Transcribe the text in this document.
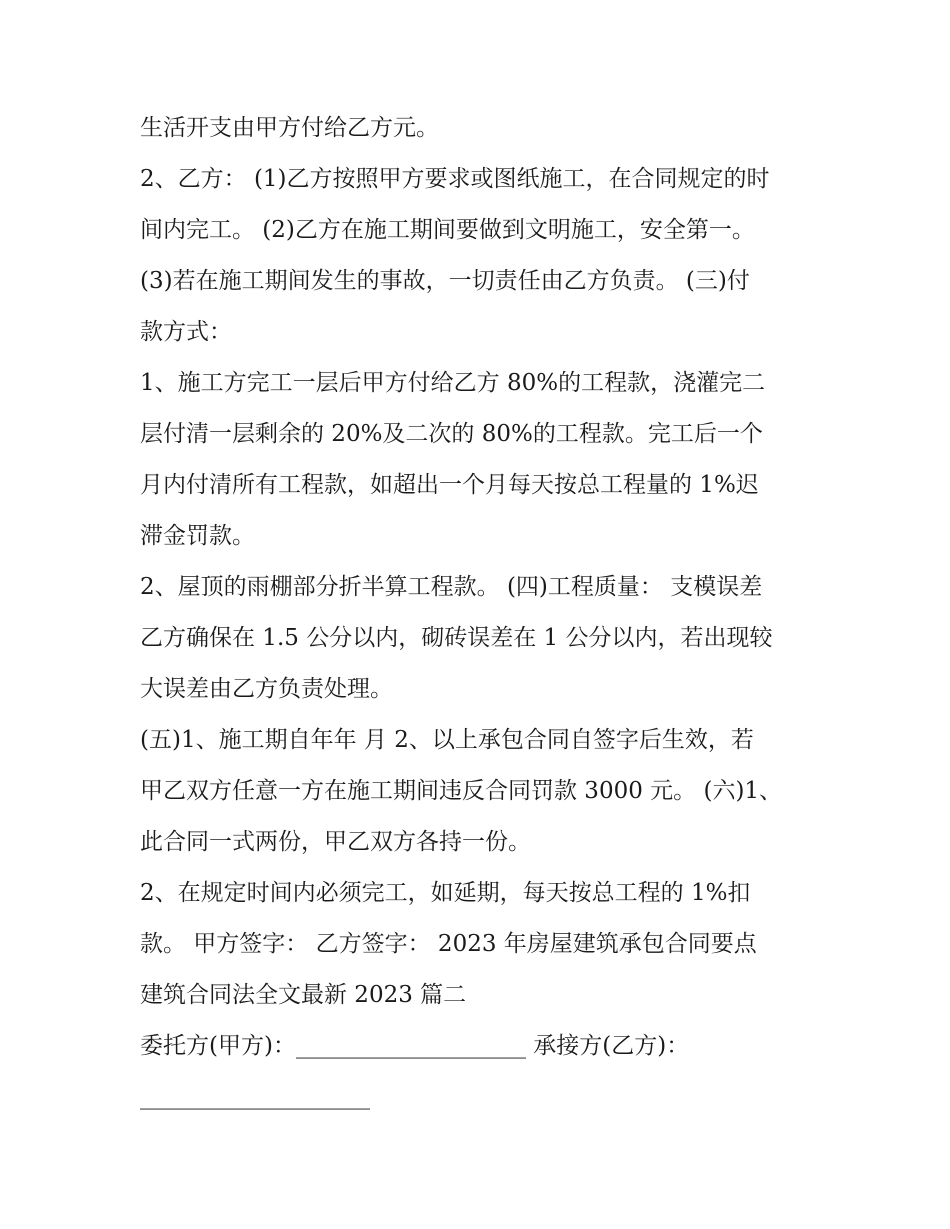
生活开支由甲方付给乙方元。
2、乙方： (1)乙方按照甲方要求或图纸施工，在合同规定的时
间内完工。 (2)乙方在施工期间要做到文明施工，安全第一。
(3)若在施工期间发生的事故，一切责任由乙方负责。 (三)付
款方式：
1、施工方完工一层后甲方付给乙方 80%的工程款，浇灌完二
层付清一层剩余的 20%及二次的 80%的工程款。完工后一个
月内付清所有工程款，如超出一个月每天按总工程量的 1%迟
滞金罚款。
2、屋顶的雨棚部分折半算工程款。 (四)工程质量： 支模误差
乙方确保在 1.5 公分以内，砌砖误差在 1 公分以内，若出现较
大误差由乙方负责处理。
(五)1、施工期自年年 月 2、以上承包合同自签字后生效，若
甲乙双方任意一方在施工期间违反合同罚款 3000 元。 (六)1、
此合同一式两份，甲乙双方各持一份。
2、在规定时间内必须完工，如延期，每天按总工程的 1%扣
款。 甲方签字： 乙方签字： 2023 年房屋建筑承包合同要点
建筑合同法全文最新 2023 篇二
委托方(甲方)：____________________ 承接方(乙方)：
____________________
